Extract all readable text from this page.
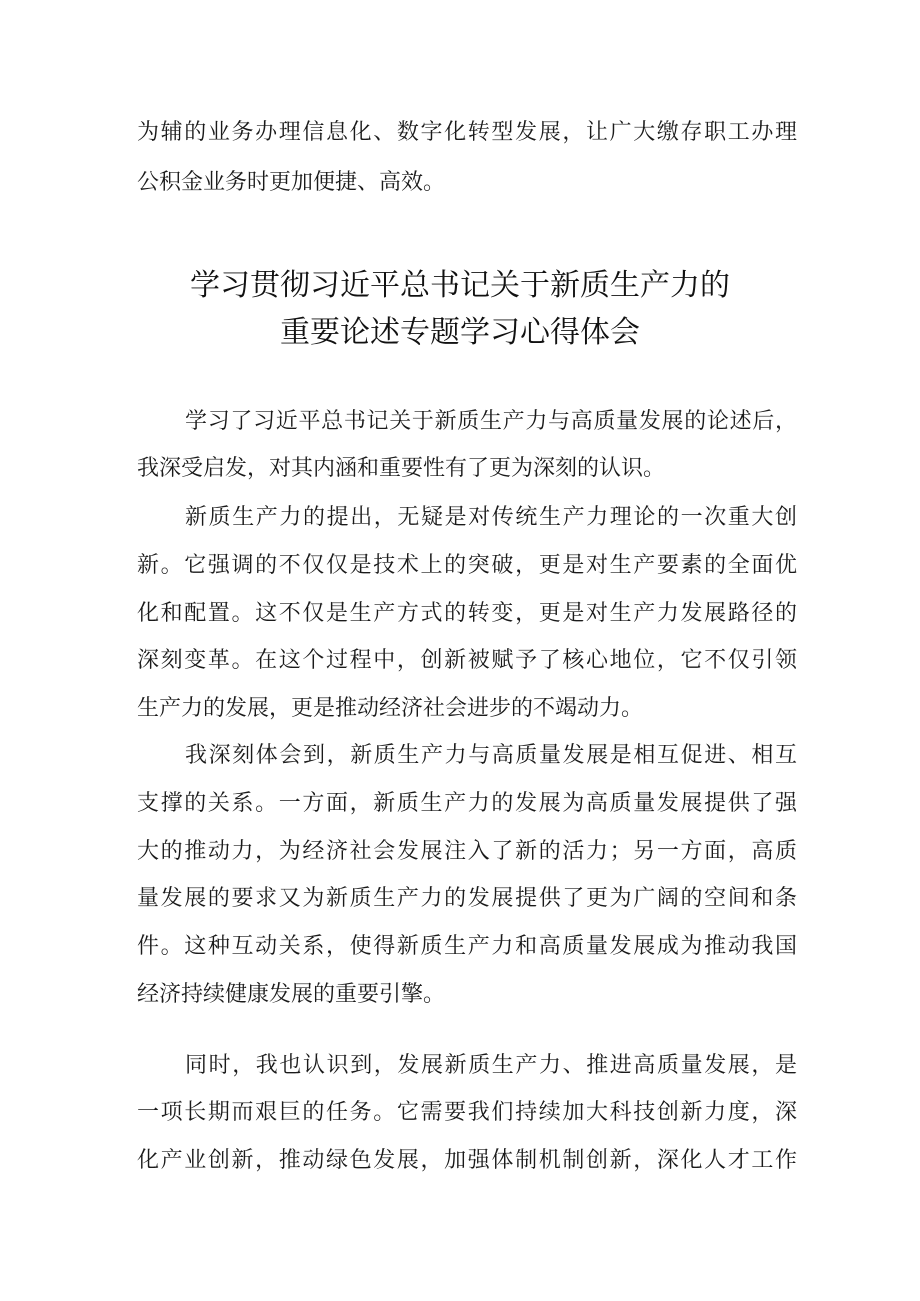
为辅的业务办理信息化、数字化转型发展，让广大缴存职工办理
公积金业务时更加便捷、高效。
学习贯彻习近平总书记关于新质生产力的
重要论述专题学习心得体会
学习了习近平总书记关于新质生产力与高质量发展的论述后，
我深受启发，对其内涵和重要性有了更为深刻的认识。
新质生产力的提出，无疑是对传统生产力理论的一次重大创
新。它强调的不仅仅是技术上的突破，更是对生产要素的全面优
化和配置。这不仅是生产方式的转变，更是对生产力发展路径的
深刻变革。在这个过程中，创新被赋予了核心地位，它不仅引领
生产力的发展，更是推动经济社会进步的不竭动力。
我深刻体会到，新质生产力与高质量发展是相互促进、相互
支撑的关系。一方面，新质生产力的发展为高质量发展提供了强
大的推动力，为经济社会发展注入了新的活力；另一方面，高质
量发展的要求又为新质生产力的发展提供了更为广阔的空间和条
件。这种互动关系，使得新质生产力和高质量发展成为推动我国
经济持续健康发展的重要引擎。
同时，我也认识到，发展新质生产力、推进高质量发展，是
一项长期而艰巨的任务。它需要我们持续加大科技创新力度，深
化产业创新，推动绿色发展，加强体制机制创新，深化人才工作
